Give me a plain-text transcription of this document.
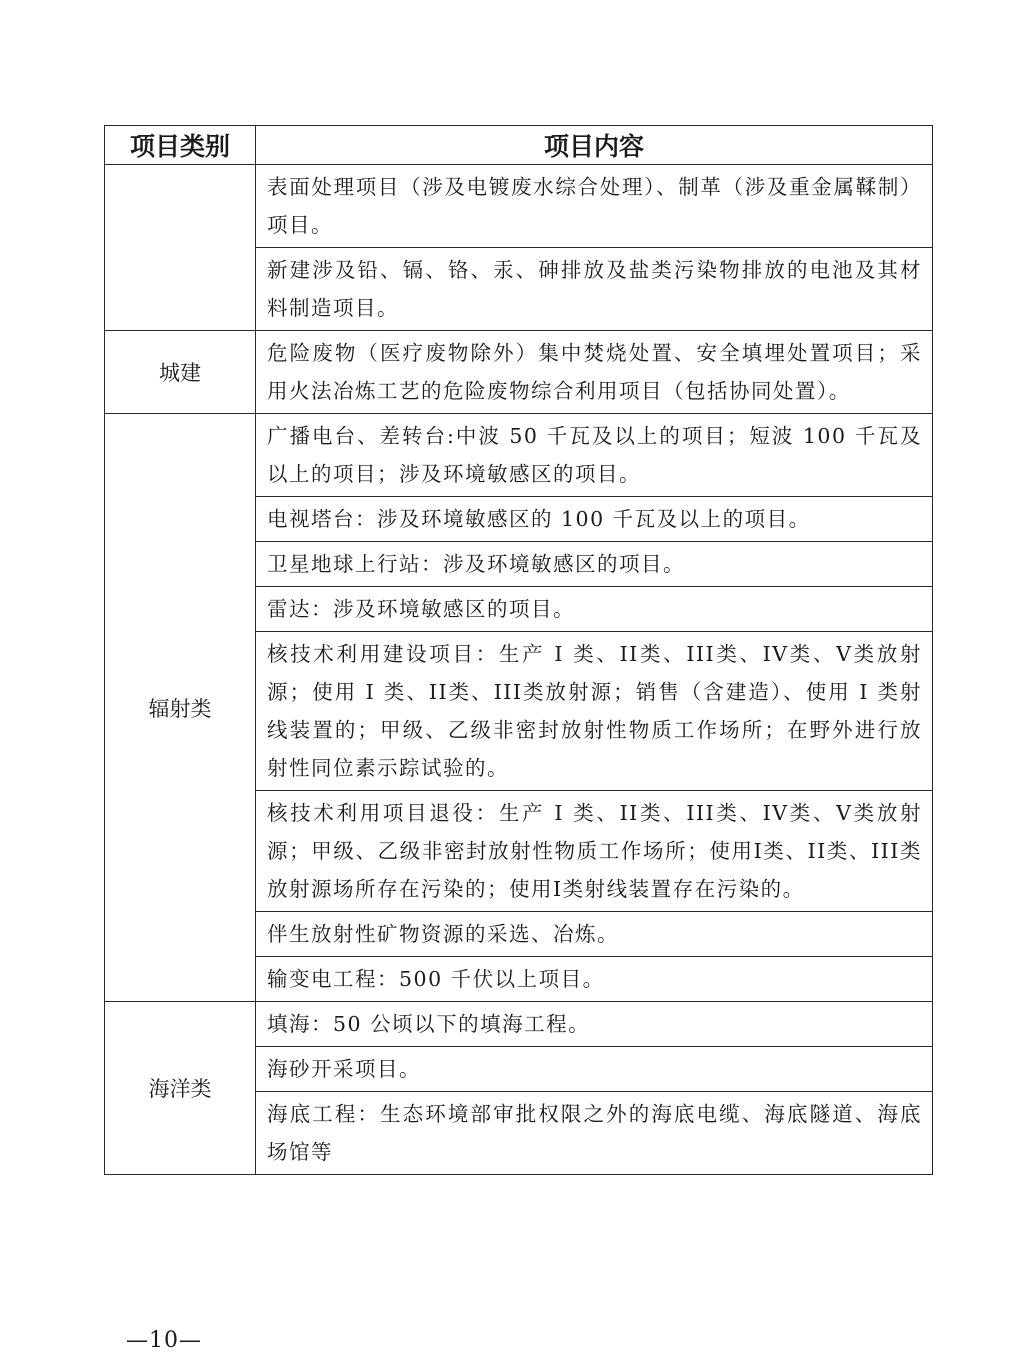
项目类别	项目内容
	表面处理项目（涉及电镀废水综合处理）、制革（涉及重金属鞣制）项目。
	新建涉及铅、镉、铬、汞、砷排放及盐类污染物排放的电池及其材料制造项目。
城建	危险废物（医疗废物除外）集中焚烧处置、安全填埋处置项目；采用火法冶炼工艺的危险废物综合利用项目（包括协同处置）。
辐射类	广播电台、差转台:中波 50 千瓦及以上的项目；短波 100 千瓦及以上的项目；涉及环境敏感区的项目。
	电视塔台：涉及环境敏感区的 100 千瓦及以上的项目。
	卫星地球上行站：涉及环境敏感区的项目。
	雷达：涉及环境敏感区的项目。
	核技术利用建设项目：生产 I 类、II类、III类、IV类、V类放射源；使用 I 类、II类、III类放射源；销售（含建造）、使用 I 类射线装置的；甲级、乙级非密封放射性物质工作场所；在野外进行放射性同位素示踪试验的。
	核技术利用项目退役：生产 I 类、II类、III类、IV类、V类放射源；甲级、乙级非密封放射性物质工作场所；使用I类、II类、III类放射源场所存在污染的；使用I类射线装置存在污染的。
	伴生放射性矿物资源的采选、冶炼。
	输变电工程：500 千伏以上项目。
海洋类	填海：50 公顷以下的填海工程。
	海砂开采项目。
	海底工程：生态环境部审批权限之外的海底电缆、海底隧道、海底场馆等
—10—
